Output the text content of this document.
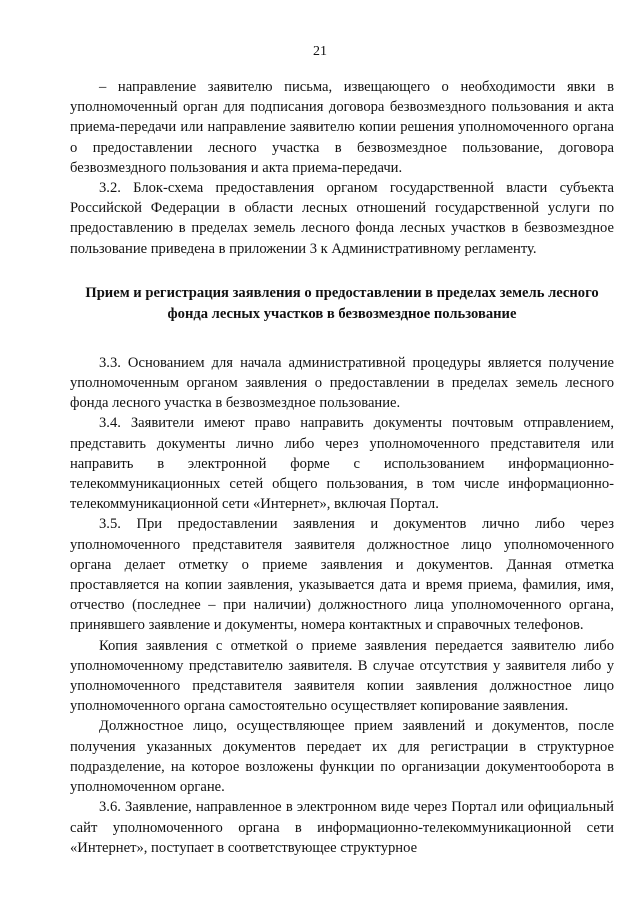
21

– направление заявителю письма, извещающего о необходимости явки в уполномоченный орган для подписания договора безвозмездного пользования и акта приема-передачи или направление заявителю копии решения уполномоченного органа о предоставлении лесного участка в безвозмездное пользование, договора безвозмездного пользования и акта приема-передачи.

3.2. Блок-схема предоставления органом государственной власти субъекта Российской Федерации в области лесных отношений государственной услуги по предоставлению в пределах земель лесного фонда лесных участков в безвозмездное пользование приведена в приложении 3 к Административному регламенту.

Прием и регистрация заявления о предоставлении в пределах земель лесного фонда лесных участков в безвозмездное пользование

3.3. Основанием для начала административной процедуры является получение уполномоченным органом заявления о предоставлении в пределах земель лесного фонда лесного участка в безвозмездное пользование.

3.4. Заявители имеют право направить документы почтовым отправлением, представить документы лично либо через уполномоченного представителя или направить в электронной форме с использованием информационно-телекоммуникационных сетей общего пользования, в том числе информационно-телекоммуникационной сети «Интернет», включая Портал.

3.5. При предоставлении заявления и документов лично либо через уполномоченного представителя заявителя должностное лицо уполномоченного органа делает отметку о приеме заявления и документов. Данная отметка проставляется на копии заявления, указывается дата и время приема, фамилия, имя, отчество (последнее – при наличии) должностного лица уполномоченного органа, принявшего заявление и документы, номера контактных и справочных телефонов.

Копия заявления с отметкой о приеме заявления передается заявителю либо уполномоченному представителю заявителя. В случае отсутствия у заявителя либо у уполномоченного представителя заявителя копии заявления должностное лицо уполномоченного органа самостоятельно осуществляет копирование заявления.

Должностное лицо, осуществляющее прием заявлений и документов, после получения указанных документов передает их для регистрации в структурное подразделение, на которое возложены функции по организации документооборота в уполномоченном органе.

3.6. Заявление, направленное в электронном виде через Портал или официальный сайт уполномоченного органа в информационно-телекоммуникационной сети «Интернет», поступает в соответствующее структурное
